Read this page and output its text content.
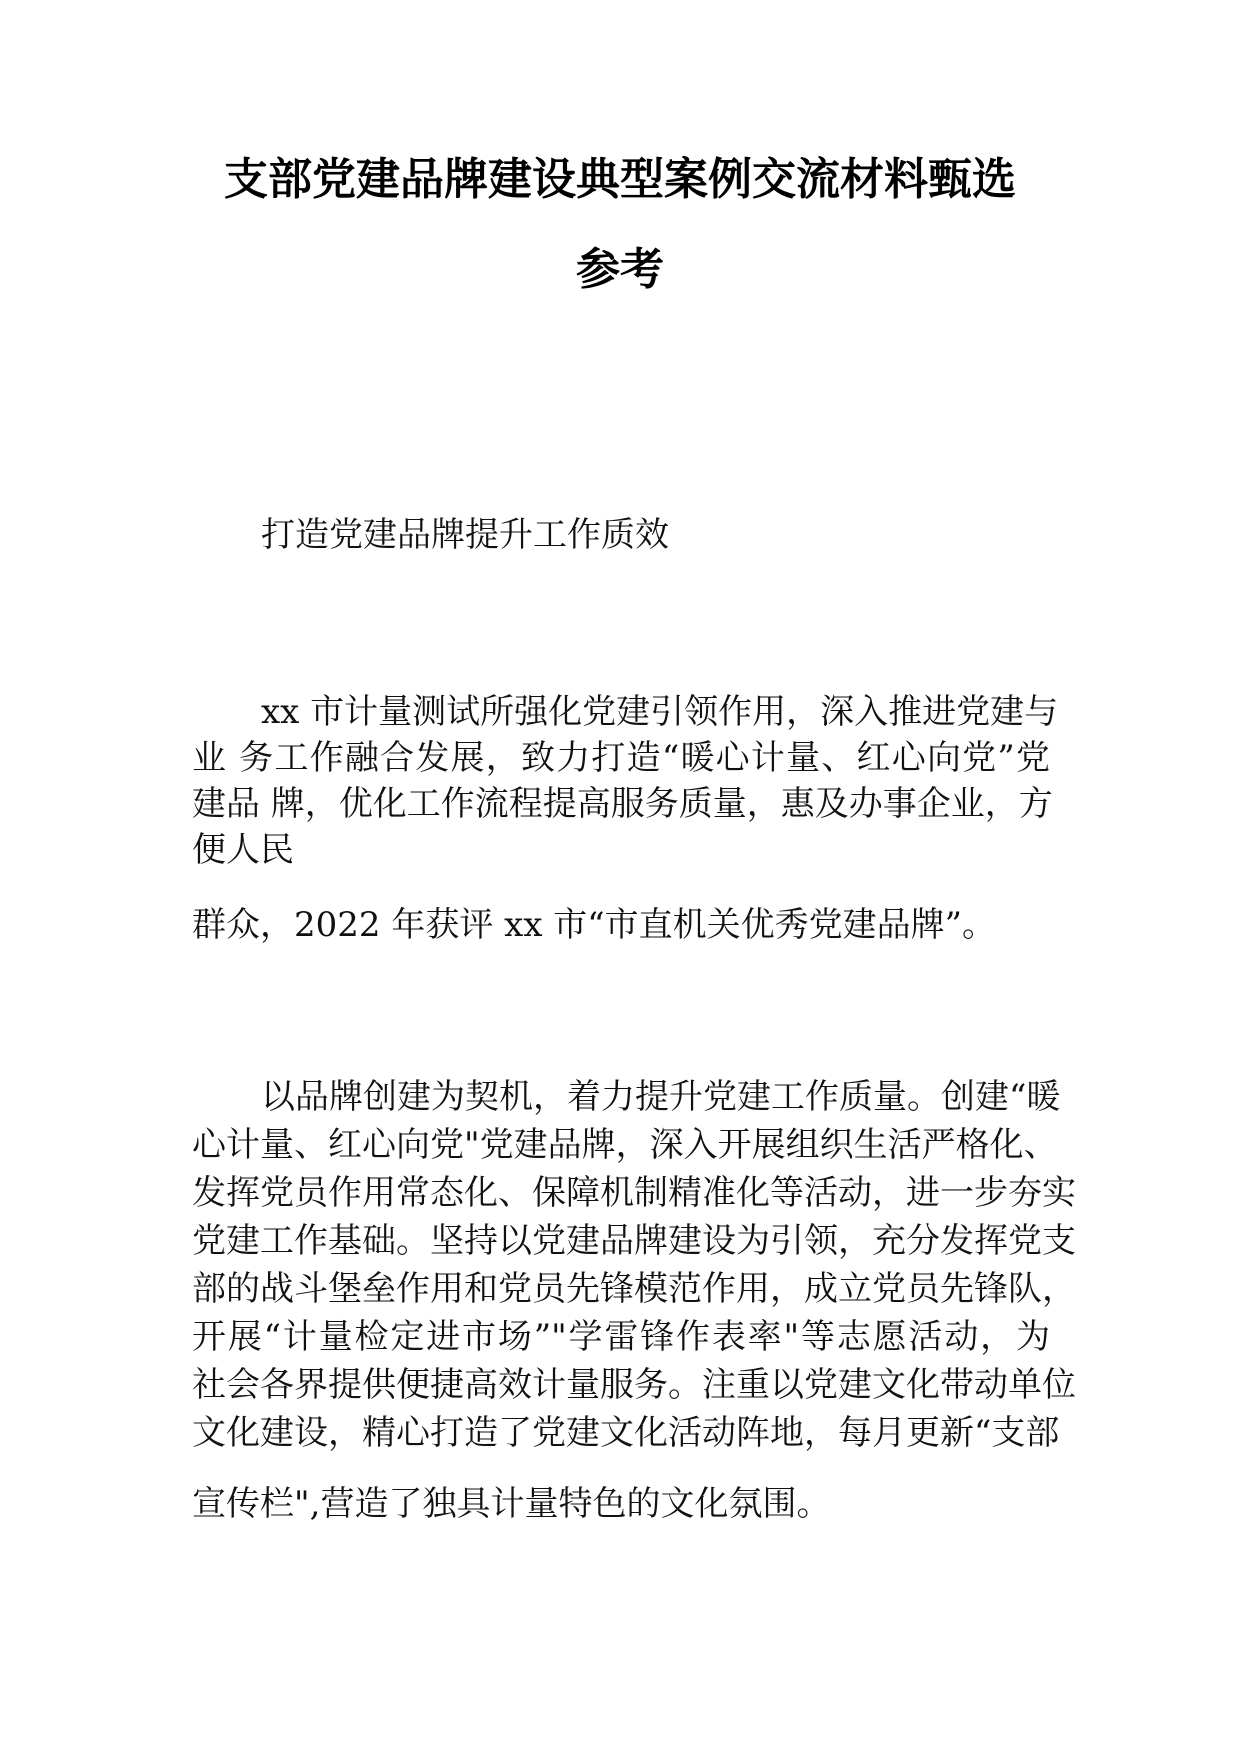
支部党建品牌建设典型案例交流材料甄选
参考
打造党建品牌提升工作质效
xx 市计量测试所强化党建引领作用，深入推进党建与
业 务工作融合发展，致力打造“暖心计量、红心向党”党
建品 牌，优化工作流程提高服务质量，惠及办事企业，方
便人民
群众，2022 年获评 xx 市“市直机关优秀党建品牌”。
以品牌创建为契机，着力提升党建工作质量。创建“暖
心计量、红心向党"党建品牌，深入开展组织生活严格化、
发挥党员作用常态化、保障机制精准化等活动，进一步夯实
党建工作基础。坚持以党建品牌建设为引领，充分发挥党支
部的战斗堡垒作用和党员先锋模范作用，成立党员先锋队，
开展“计量检定进市场”"学雷锋作表率"等志愿活动，为
社会各界提供便捷高效计量服务。注重以党建文化带动单位
文化建设，精心打造了党建文化活动阵地，每月更新“支部
宣传栏",营造了独具计量特色的文化氛围。
